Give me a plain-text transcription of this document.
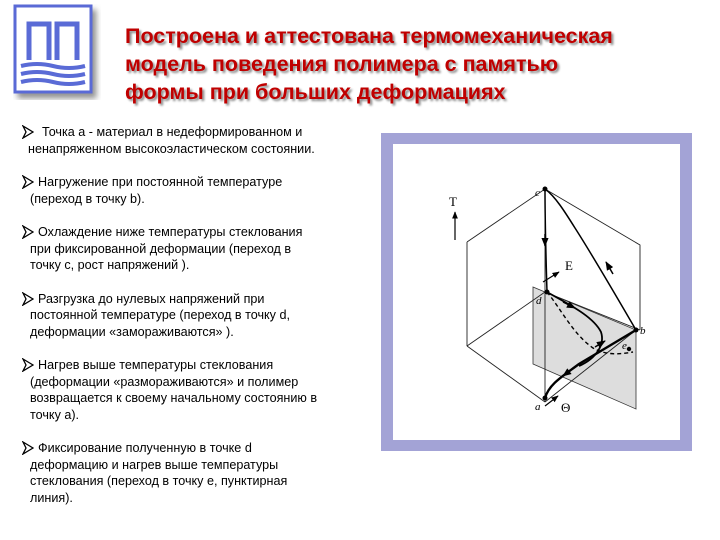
Построена и аттестована термомеханическая
модель поведения полимера с памятью
формы при больших деформациях
Точка a - материал в недеформированном и
ненапряженном высокоэластическом состоянии.
Нагружение при постоянной температуре
(переход в точку b).
Охлаждение ниже температуры стеклования
при фиксированной деформации (переход в
точку c, рост напряжений ).
Разгрузка до нулевых напряжений при
постоянной температуре (переход в точку d,
деформации «замораживаются» ).
Нагрев выше температуры стеклования
(деформации «размораживаются» и полимер
возвращается к своему начальному состоянию в
точку a).
Фиксирование полученную в точке d
деформацию и нагрев выше температуры
стеклования (переход в точку e, пунктирная
линия).
T
E
Θ
a
b
c
d
e
